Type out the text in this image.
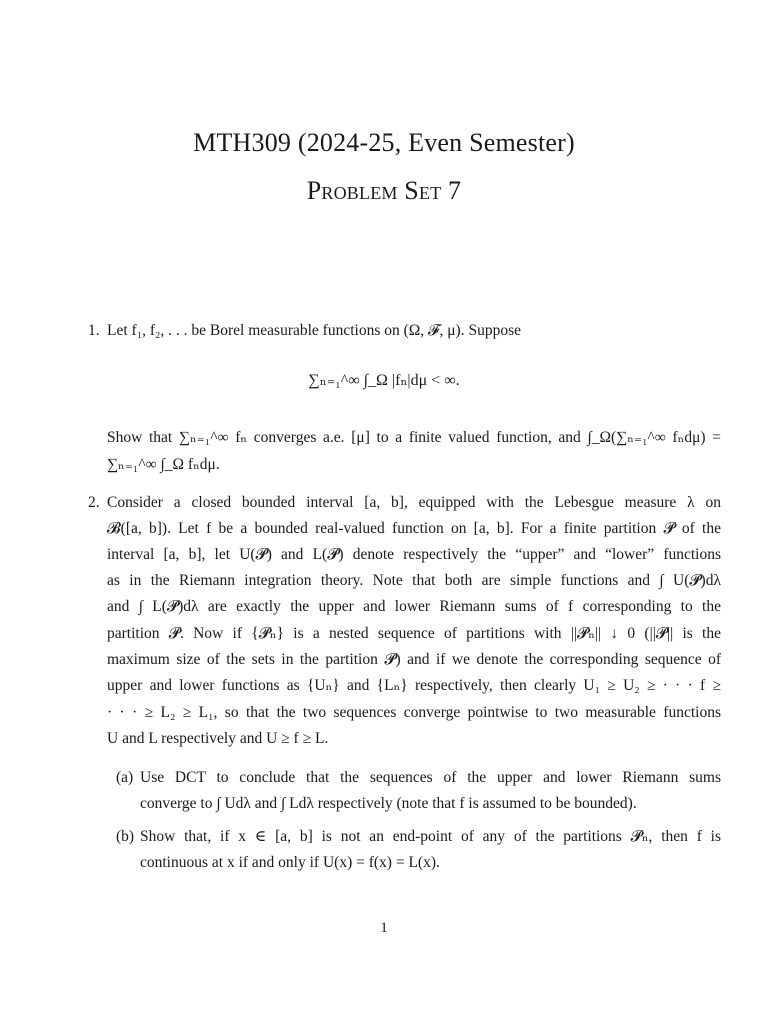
MTH309 (2024-25, Even Semester)
Problem Set 7
1. Let f₁, f₂, . . . be Borel measurable functions on (Ω, 𝓕, μ). Suppose
∑ₙ₌₁^∞ ∫_Ω |fₙ|dμ < ∞.
Show that ∑ₙ₌₁^∞ fₙ converges a.e. [μ] to a finite valued function, and ∫_Ω(∑ₙ₌₁^∞ fₙdμ) =
∑ₙ₌₁^∞ ∫_Ω fₙdμ.
2. Consider a closed bounded interval [a, b], equipped with the Lebesgue measure λ on
𝓑([a, b]). Let f be a bounded real-valued function on [a, b]. For a finite partition 𝓟 of the
interval [a, b], let U(𝓟) and L(𝓟) denote respectively the “upper” and “lower” functions
as in the Riemann integration theory. Note that both are simple functions and ∫ U(𝓟)dλ
and ∫ L(𝓟)dλ are exactly the upper and lower Riemann sums of f corresponding to the
partition 𝓟. Now if {𝓟ₙ} is a nested sequence of partitions with ||𝓟ₙ|| ↓ 0 (||𝓟|| is the
maximum size of the sets in the partition 𝓟) and if we denote the corresponding sequence of
upper and lower functions as {Uₙ} and {Lₙ} respectively, then clearly U₁ ≥ U₂ ≥ · · · f ≥
· · · ≥ L₂ ≥ L₁, so that the two sequences converge pointwise to two measurable functions
U and L respectively and U ≥ f ≥ L.
(a) Use DCT to conclude that the sequences of the upper and lower Riemann sums
converge to ∫ Udλ and ∫ Ldλ respectively (note that f is assumed to be bounded).
(b) Show that, if x ∈ [a, b] is not an end-point of any of the partitions 𝓟ₙ, then f is
continuous at x if and only if U(x) = f(x) = L(x).
1
